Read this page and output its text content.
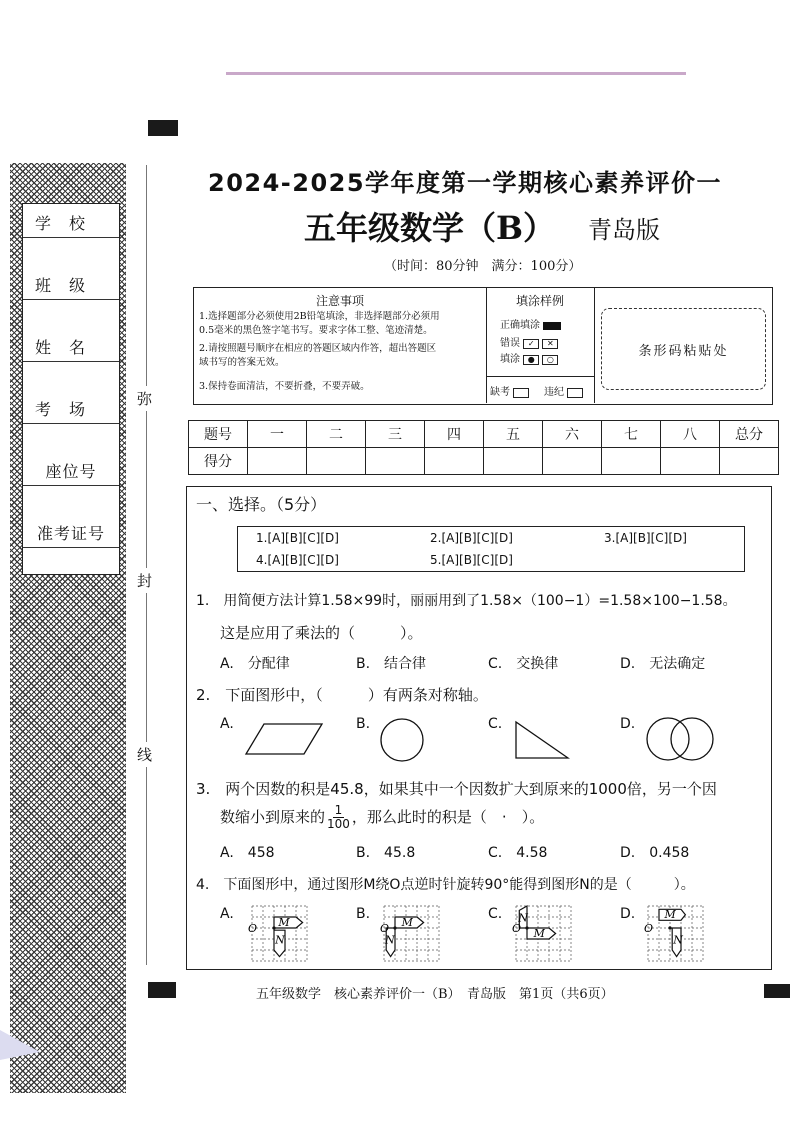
学　校
班　级
姓　名
考　场
座位号
准考证号
弥
封
线
2024-2025学年度第一学期核心素养评价一
五年级数学（B） 青岛版
（时间：80分钟　满分：100分）
注意事项
1.选择题部分必须使用2B铅笔填涂，非选择题部分必须用
0.5毫米的黑色签字笔书写。要求字体工整、笔迹清楚。
2.请按照题号顺序在相应的答题区域内作答，超出答题区
域书写的答案无效。
3.保持卷面清洁，不要折叠，不要弄破。
填涂样例
正确填涂
错误 ✓ ✕
填涂 ● ○
缺考	违纪
条形码粘贴处
题号	一	二	三	四	五	六	七	八	总分
得分									
一、选择。（5分）
1.[A][B][C][D]	2.[A][B][C][D]	3.[A][B][C][D]
4.[A][B][C][D]	5.[A][B][C][D]
1.　用简便方法计算1.58×99时，丽丽用到了1.58×（100−1）=1.58×100−1.58。
这是应用了乘法的（　　　）。
A.　分配律	B.　结合律	C.　交换律	D.　无法确定
2.　下面图形中，（　　　）有两条对称轴。
A.	B.	C.	D.
3.　两个因数的积是45.8，如果其中一个因数扩大到原来的1000倍，另一个因
数缩小到原来的 $\frac{1}{100}$ ，那么此时的积是（　·　）。
A.　458	B.　45.8	C.　4.58	D.　0.458
4.　下面图形中，通过图形M绕O点逆时针旋转90°能得到图形N的是（　　　）。
A.	B.	C.	D.
M
N
O	M
N
O	M
N
O
M
N
O
五年级数学　核心素养评价一（B）　青岛版　第1页（共6页）
